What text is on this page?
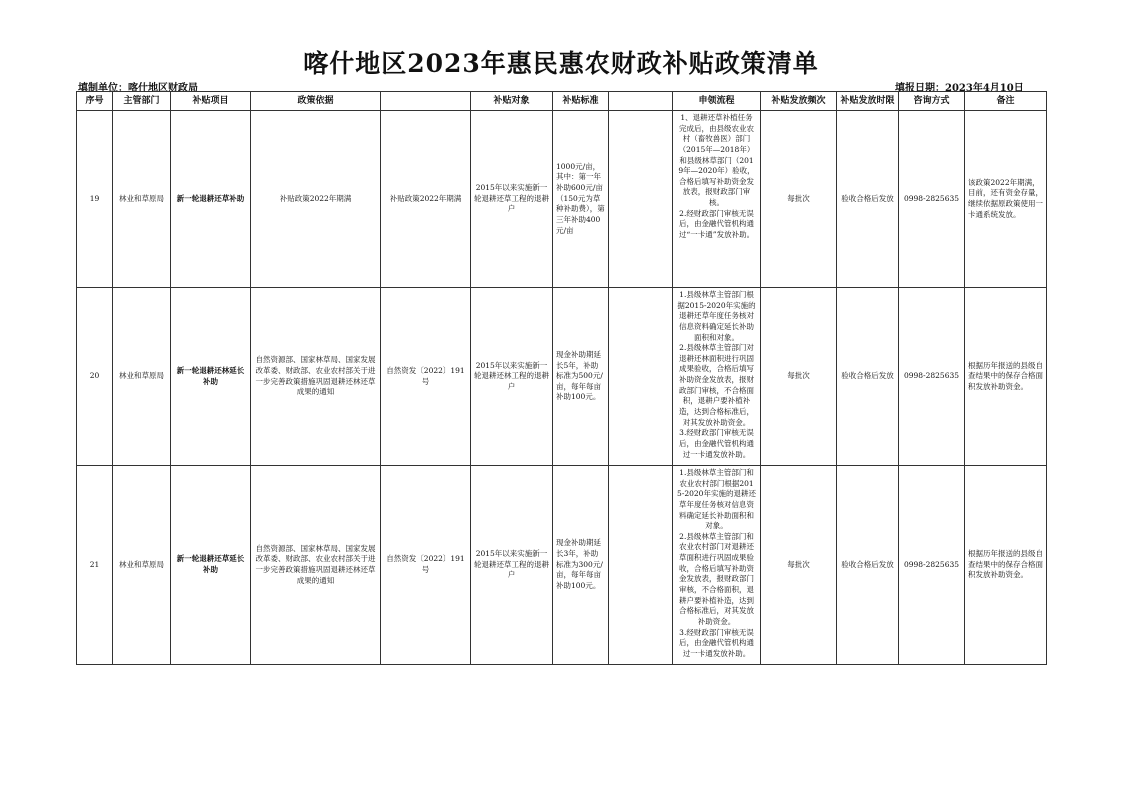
喀什地区2023年惠民惠农财政补贴政策清单
填制单位：喀什地区财政局	填报日期：2023年4月10日
序号	主管部门	补贴项目	政策依据		补贴对象	补贴标准		申领流程	补贴发放频次	补贴发放时限	咨询方式	备注
19	林业和草原局	新一轮退耕还草补助	补贴政策2022年期满	补贴政策2022年期满	2015年以来实施新一轮退耕还草工程的退耕户	1000元/亩，其中：第一年补助600元/亩（150元为草种补助费），第三年补助400元/亩		1、退耕还草补植任务完成后，由县级农业农村（畜牧兽医）部门（2015年—2018年）和县级林草部门（2019年—2020年）验收，合格后填写补助资金发放表，报财政部门审核。
2.经财政部门审核无误后，由金融代管机构通过“一卡通”发放补助。	每批次	验收合格后发放	0998-2825635	该政策2022年期满，目前，还有资金存量，继续依据原政策使用一卡通系统发放。
20	林业和草原局	新一轮退耕还林延长补助	自然资源部、国家林草局、国家发展改革委、财政部、农业农村部关于进一步完善政策措施巩固退耕还林还草成果的通知	自然资发〔2022〕191号	2015年以来实施新一轮退耕还林工程的退耕户	现金补助期延长5年，补助标准为500元/亩，每年每亩补助100元。		1.县级林草主管部门根据2015-2020年实施的退耕还草年度任务核对信息资料确定延长补助面积和对象。
2.县级林草主管部门对退耕还林面积进行巩固成果验收，合格后填写补助资金发放表，报财政部门审核，不合格面积，退耕户要补植补造，达到合格标准后，对其发放补助资金。
3.经财政部门审核无误后，由金融代管机构通过一卡通发放补助。	每批次	验收合格后发放	0998-2825635	根据历年报送的县级自查结果中的保存合格面积发放补助资金。
21	林业和草原局	新一轮退耕还草延长补助	自然资源部、国家林草局、国家发展改革委、财政部、农业农村部关于进一步完善政策措施巩固退耕还林还草成果的通知	自然资发〔2022〕191号	2015年以来实施新一轮退耕还草工程的退耕户	现金补助期延长3年，补助标准为300元/亩，每年每亩补助100元。		1.县级林草主管部门和农业农村部门根据2015-2020年实施的退耕还草年度任务核对信息资料确定延长补助面积和对象。
2.县级林草主管部门和农业农村部门对退耕还草面积进行巩固成果验收，合格后填写补助资金发放表，报财政部门审核，不合格面积，退耕户要补植补造，达到合格标准后，对其发放补助资金。
3.经财政部门审核无误后，由金融代管机构通过一卡通发放补助。	每批次	验收合格后发放	0998-2825635	根据历年报送的县级自查结果中的保存合格面积发放补助资金。
